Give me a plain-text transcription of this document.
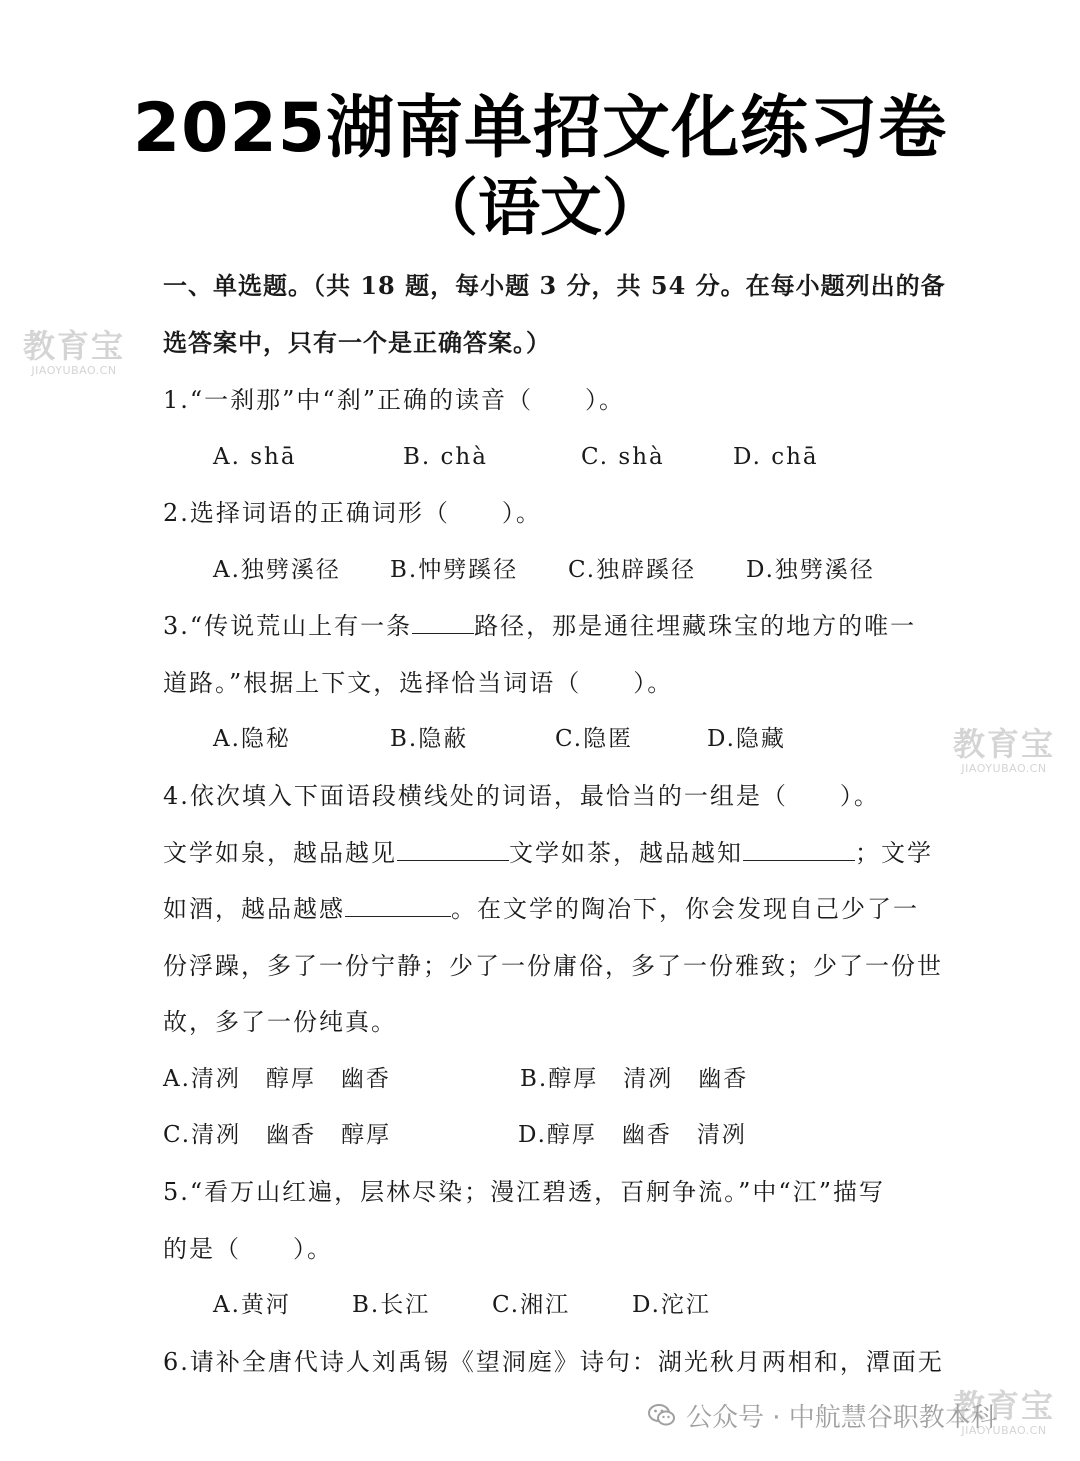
2025湖南单招文化练习卷
（语文）
一、单选题。（共 18 题，每小题 3 分，共 54 分。在每小题列出的备
选答案中，只有一个是正确答案。）
1.“一刹那”中“刹”正确的读音（　　）。
A. shā	B. chà	C. shà	D. chā
2.选择词语的正确词形（　　）。
A.独劈溪径 B.忡劈蹊径 C.独辟蹊径 D.独劈溪径
3.“传说荒山上有一条	路径，那是通往埋藏珠宝的地方的唯一
道路。”根据上下文，选择恰当词语（　　）。
A.隐秘	B.隐蔽	C.隐匿	D.隐藏
4.依次填入下面语段横线处的词语，最恰当的一组是（　　）。
文学如泉，越品越见	文学如茶，越品越知	；文学
如酒，越品越感	。在文学的陶冶下，你会发现自己少了一
份浮躁，多了一份宁静；少了一份庸俗，多了一份雅致；少了一份世
故，多了一份纯真。
A.清冽　醇厚　幽香	B.醇厚　清冽　幽香
C.清冽　幽香　醇厚	D.醇厚　幽香　清冽
5.“看万山红遍，层林尽染；漫江碧透，百舸争流。”中“江”描写
的是（　　）。
A.黄河	B.长江	C.湘江	D.沱江
6.请补全唐代诗人刘禹锡《望洞庭》诗句：湖光秋月两相和，潭面无
教育宝
JIAOYUBAO.CN
教育宝
JIAOYUBAO.CN
教育宝
JIAOYUBAO.CN
公众号 · 中航慧谷职教本科
